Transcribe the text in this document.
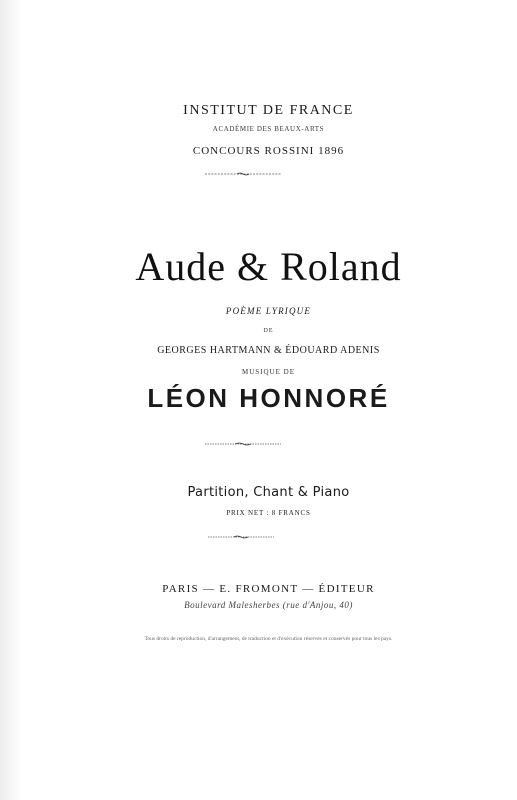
INSTITUT DE FRANCE
ACADÉMIE DES BEAUX-ARTS
CONCOURS ROSSINI 1896
Aude & Roland
POÈME LYRIQUE
DE
GEORGES HARTMANN & ÉDOUARD ADENIS
MUSIQUE DE
LÉON HONNORÉ
Partition, Chant & Piano
PRIX NET : 8 FRANCS
PARIS — E. FROMONT — ÉDITEUR
Boulevard Malesherbes (rue d'Anjou, 40)
Tous droits de reproduction, d'arrangement, de traduction et d'exécution réservés et conservés pour tous les pays.
